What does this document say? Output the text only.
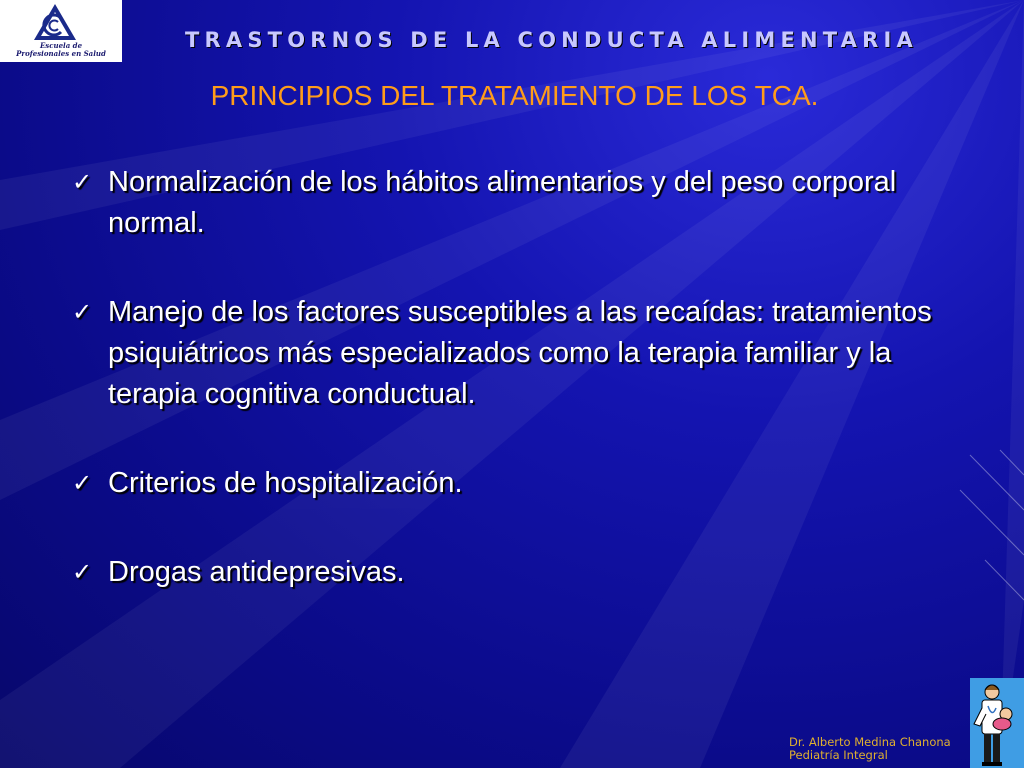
Escuela de
Profesionales en Salud
TRASTORNOS DE LA CONDUCTA ALIMENTARIA
PRINCIPIOS DEL TRATAMIENTO DE LOS TCA.
✓ Normalización de los hábitos alimentarios y del peso corporal normal.
✓ Manejo de los factores susceptibles a las recaídas: tratamientos psiquiátricos más especializados como la terapia familiar y la terapia cognitiva conductual.
✓ Criterios de hospitalización.
✓ Drogas antidepresivas.
Dr. Alberto Medina Chanona
Pediatría Integral
